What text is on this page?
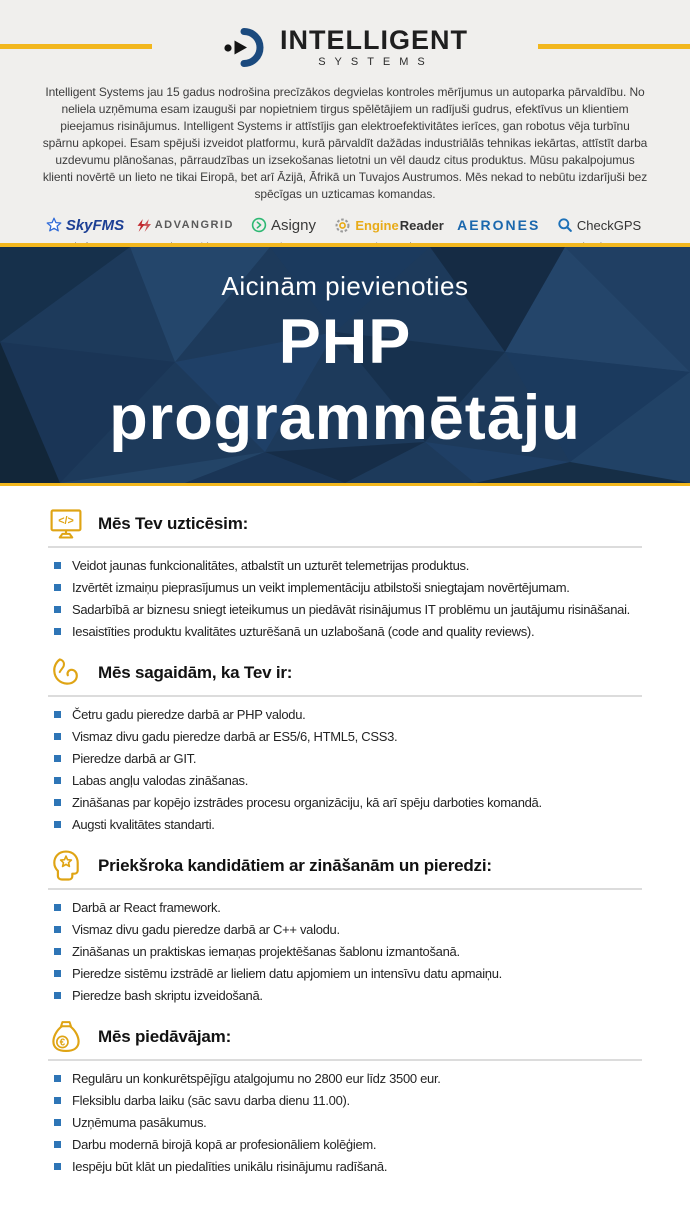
INTELLIGENT
SYSTEMS

Intelligent Systems jau 15 gadus nodrošina precīzākos degvielas kontroles mērījumus un autoparka pārvaldību. No neliela uzņēmuma esam izauguši par nopietniem tirgus spēlētājiem un radījuši gudrus, efektīvus un klientiem pieejamus risinājumus. Intelligent Systems ir attīstījis gan elektroefektivitātes ierīces, gan robotus vēja turbīnu spārnu apkopei. Esam spējuši izveidot platformu, kurā pārvaldīt dažādas industriālās tehnikas iekārtas, attīstīt darba uzdevumu plānošanas, pārraudzības un izsekošanas lietotni un vēl daudz citus produktus. Mūsu pakalpojumus klienti novērtē un lieto ne tikai Eiropā, bet arī Āzijā, Āfrikā un Tuvajos Austrumos. Mēs nekad to nebūtu izdarījuši bez spēcīgas un uzticamas komandas.

SkyFMS	ADVANGRID Asigny	Engine Reader AERONES	CheckGPS
Aicinām pievienoties
PHP
programmētāju
</> Mēs Tev uzticēsim:
Veidot jaunas funkcionalitātes, atbalstīt un uzturēt telemetrijas produktus.
Izvērtēt izmaiņu pieprasījumus un veikt implementāciju atbilstoši sniegtajam novērtējumam.
Sadarbībā ar biznesu sniegt ieteikumus un piedāvāt risinājumus IT problēmu un jautājumu risināšanai.
Iesaistīties produktu kvalitātes uzturēšanā un uzlabošanā (code and quality reviews).
Mēs sagaidām, ka Tev ir:
Četru gadu pieredze darbā ar PHP valodu.
Vismaz divu gadu pieredze darbā ar ES5/6, HTML5, CSS3.
Pieredze darbā ar GIT.
Labas angļu valodas zināšanas.
Zināšanas par kopējo izstrādes procesu organizāciju, kā arī spēju darboties komandā.
Augsti kvalitātes standarti.
Priekšroka kandidātiem ar zināšanām un pieredzi:
Darbā ar React framework.
Vismaz divu gadu pieredze darbā ar C++ valodu.
Zināšanas un praktiskas iemaņas projektēšanas šablonu izmantošanā.
Pieredze sistēmu izstrādē ar lieliem datu apjomiem un intensīvu datu apmaiņu.
Pieredze bash skriptu izveidošanā.
€ Mēs piedāvājam:
Regulāru un konkurētspējīgu atalgojumu no 2800 eur līdz 3500 eur.
Fleksiblu darba laiku (sāc savu darba dienu 11.00).
Uzņēmuma pasākumus.
Darbu modernā birojā kopā ar profesionāliem kolēģiem.
Iespēju būt klāt un piedalīties unikālu risinājumu radīšanā.
